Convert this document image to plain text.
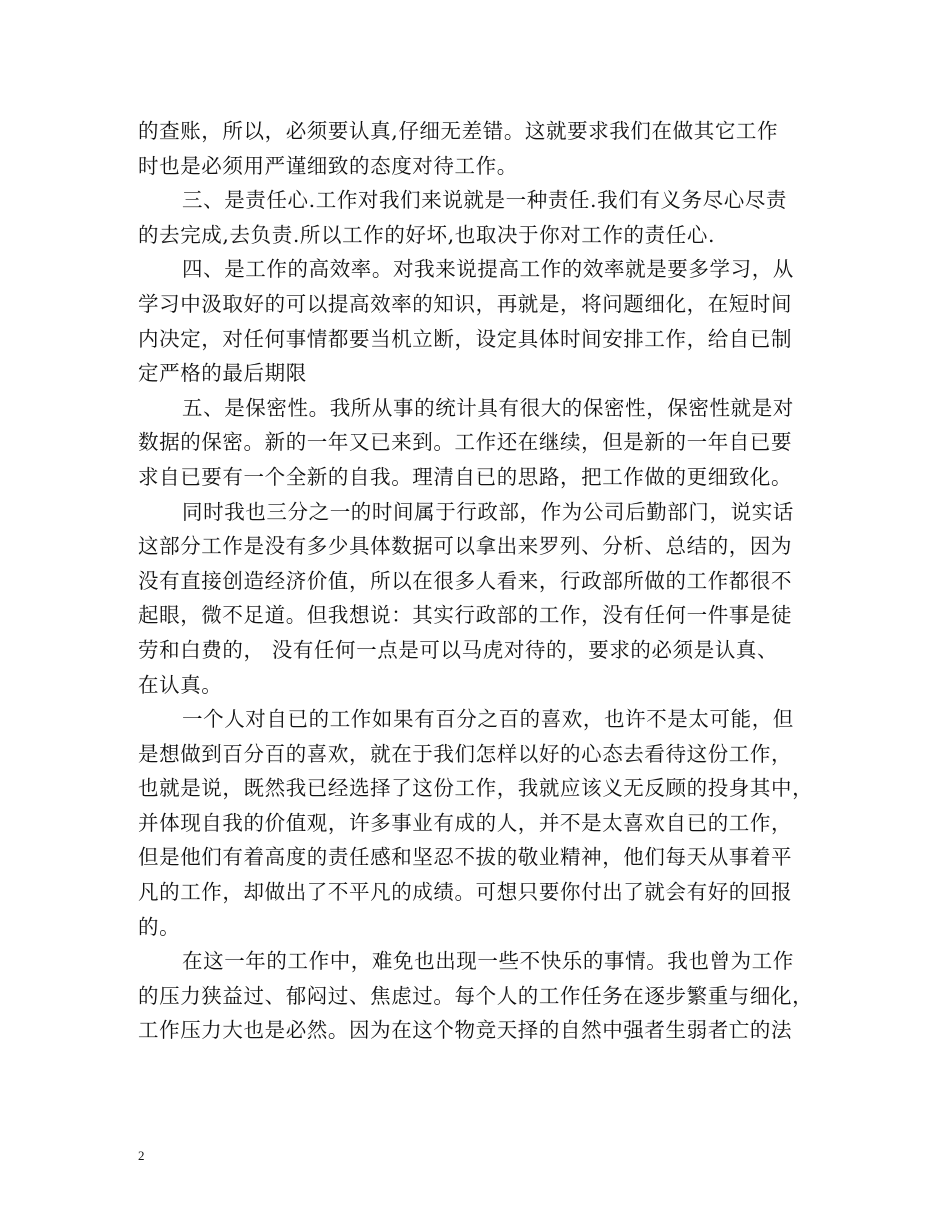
的查账，所以，必须要认真,仔细无差错。这就要求我们在做其它工作
时也是必须用严谨细致的态度对待工作。
三、是责任心.工作对我们来说就是一种责任.我们有义务尽心尽责
的去完成,去负责.所以工作的好坏,也取决于你对工作的责任心.
四、是工作的高效率。对我来说提高工作的效率就是要多学习，从
学习中汲取好的可以提高效率的知识，再就是，将问题细化，在短时间
内决定，对任何事情都要当机立断，设定具体时间安排工作，给自已制
定严格的最后期限
五、是保密性。我所从事的统计具有很大的保密性，保密性就是对
数据的保密。新的一年又已来到。工作还在继续，但是新的一年自已要
求自已要有一个全新的自我。理清自已的思路，把工作做的更细致化。
同时我也三分之一的时间属于行政部，作为公司后勤部门，说实话
这部分工作是没有多少具体数据可以拿出来罗列、分析、总结的，因为
没有直接创造经济价值，所以在很多人看来，行政部所做的工作都很不
起眼，微不足道。但我想说：其实行政部的工作，没有任何一件事是徒
劳和白费的， 没有任何一点是可以马虎对待的，要求的必须是认真、
在认真。
一个人对自已的工作如果有百分之百的喜欢，也许不是太可能，但
是想做到百分百的喜欢，就在于我们怎样以好的心态去看待这份工作，
也就是说，既然我已经选择了这份工作，我就应该义无反顾的投身其中，
并体现自我的价值观，许多事业有成的人，并不是太喜欢自已的工作，
但是他们有着高度的责任感和坚忍不拔的敬业精神，他们每天从事着平
凡的工作，却做出了不平凡的成绩。可想只要你付出了就会有好的回报
的。
在这一年的工作中，难免也出现一些不快乐的事情。我也曾为工作
的压力狭益过、郁闷过、焦虑过。每个人的工作任务在逐步繁重与细化，
工作压力大也是必然。因为在这个物竞天择的自然中强者生弱者亡的法
2
